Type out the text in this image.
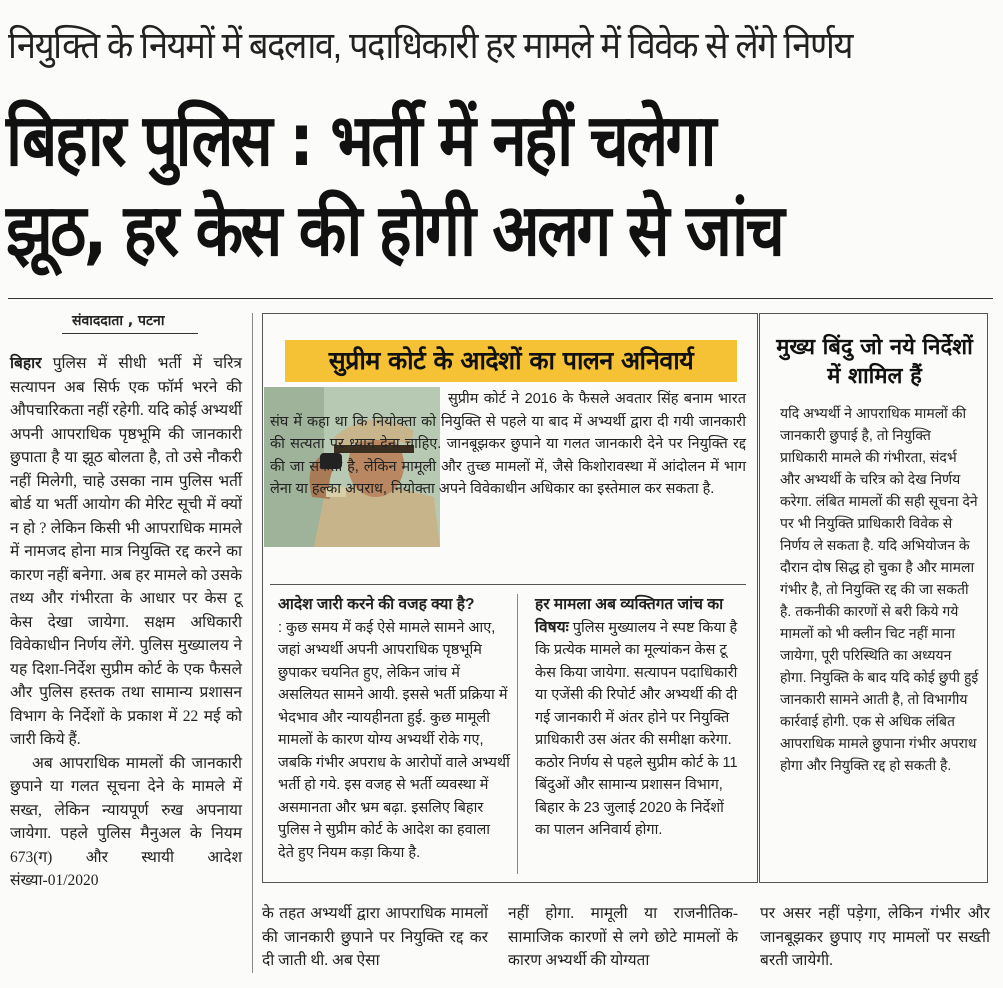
नियुक्ति के नियमों में बदलाव, पदाधिकारी हर मामले में विवेक से लेंगे निर्णय
बिहार पुलिस : भर्ती में नहीं चलेगा
झूठ, हर केस की होगी अलग से जांच
संवाददाता , पटना

बिहार पुलिस में सीधी भर्ती में चरित्र सत्यापन अब सिर्फ एक फॉर्म भरने की औपचारिकता नहीं रहेगी. यदि कोई अभ्यर्थी अपनी आपराधिक पृष्ठभूमि की जानकारी छुपाता है या झूठ बोलता है, तो उसे नौकरी नहीं मिलेगी, चाहे उसका नाम पुलिस भर्ती बोर्ड या भर्ती आयोग की मेरिट सूची में क्यों न हो ? लेकिन किसी भी आपराधिक मामले में नामजद होना मात्र नियुक्ति रद्द करने का कारण नहीं बनेगा. अब हर मामले को उसके तथ्य और गंभीरता के आधार पर केस टू केस देखा जायेगा. सक्षम अधिकारी विवेकाधीन निर्णय लेंगे. पुलिस मुख्यालय ने यह दिशा-निर्देश सुप्रीम कोर्ट के एक फैसले और पुलिस हस्तक तथा सामान्य प्रशासन विभाग के निर्देशों के प्रकाश में 22 मई को जारी किये हैं.

अब आपराधिक मामलों की जानकारी छुपाने या गलत सूचना देने के मामले में सख्त, लेकिन न्यायपूर्ण रुख अपनाया जायेगा. पहले पुलिस मैनुअल के नियम 673(ग) और स्थायी आदेश संख्या-01/2020

सुप्रीम कोर्ट के आदेशों का पालन अनिवार्य
सुप्रीम कोर्ट ने 2016 के फैसले अवतार सिंह बनाम भारत संघ में कहा था कि नियोक्ता को नियुक्ति से पहले या बाद में अभ्यर्थी द्वारा दी गयी जानकारी की सत्यता पर ध्यान देना चाहिए. जानबूझकर छुपाने या गलत जानकारी देने पर नियुक्ति रद्द की जा सकती है, लेकिन मामूली और तुच्छ मामलों में, जैसे किशोरावस्था में आंदोलन में भाग लेना या हल्का अपराध, नियोक्ता अपने विवेकाधीन अधिकार का इस्तेमाल कर सकता है.
आदेश जारी करने की वजह क्या है?
: कुछ समय में कई ऐसे मामले सामने आए, जहां अभ्यर्थी अपनी आपराधिक पृष्ठभूमि छुपाकर चयनित हुए, लेकिन जांच में असलियत सामने आयी. इससे भर्ती प्रक्रिया में भेदभाव और न्यायहीनता हुई. कुछ मामूली मामलों के कारण योग्य अभ्यर्थी रोके गए, जबकि गंभीर अपराध के आरोपों वाले अभ्यर्थी भर्ती हो गये. इस वजह से भर्ती व्यवस्था में असमानता और भ्रम बढ़ा. इसलिए बिहार पुलिस ने सुप्रीम कोर्ट के आदेश का हवाला देते हुए नियम कड़ा किया है.
हर मामला अब व्यक्तिगत जांच का विषयः पुलिस मुख्यालय ने स्पष्ट किया है कि प्रत्येक मामले का मूल्यांकन केस टू केस किया जायेगा. सत्यापन पदाधिकारी या एजेंसी की रिपोर्ट और अभ्यर्थी की दी गई जानकारी में अंतर होने पर नियुक्ति प्राधिकारी उस अंतर की समीक्षा करेगा. कठोर निर्णय से पहले सुप्रीम कोर्ट के 11 बिंदुओं और सामान्य प्रशासन विभाग, बिहार के 23 जुलाई 2020 के निर्देशों का पालन अनिवार्य होगा.
मुख्य बिंदु जो नये निर्देशों में शामिल हैं
यदि अभ्यर्थी ने आपराधिक मामलों की जानकारी छुपाई है, तो नियुक्ति प्राधिकारी मामले की गंभीरता, संदर्भ और अभ्यर्थी के चरित्र को देख निर्णय करेगा. लंबित मामलों की सही सूचना देने पर भी नियुक्ति प्राधिकारी विवेक से निर्णय ले सकता है. यदि अभियोजन के दौरान दोष सिद्ध हो चुका है और मामला गंभीर है, तो नियुक्ति रद्द की जा सकती है. तकनीकी कारणों से बरी किये गये मामलों को भी क्लीन चिट नहीं माना जायेगा, पूरी परिस्थिति का अध्ययन होगा. नियुक्ति के बाद यदि कोई छुपी हुई जानकारी सामने आती है, तो विभागीय कार्रवाई होगी. एक से अधिक लंबित आपराधिक मामले छुपाना गंभीर अपराध होगा और नियुक्ति रद्द हो सकती है.
के तहत अभ्यर्थी द्वारा आपराधिक मामलों की जानकारी छुपाने पर नियुक्ति रद्द कर दी जाती थी. अब ऐसा
नहीं होगा. मामूली या राजनीतिक-सामाजिक कारणों से लगे छोटे मामलों के कारण अभ्यर्थी की योग्यता
पर असर नहीं पड़ेगा, लेकिन गंभीर और जानबूझकर छुपाए गए मामलों पर सख्ती बरती जायेगी.
